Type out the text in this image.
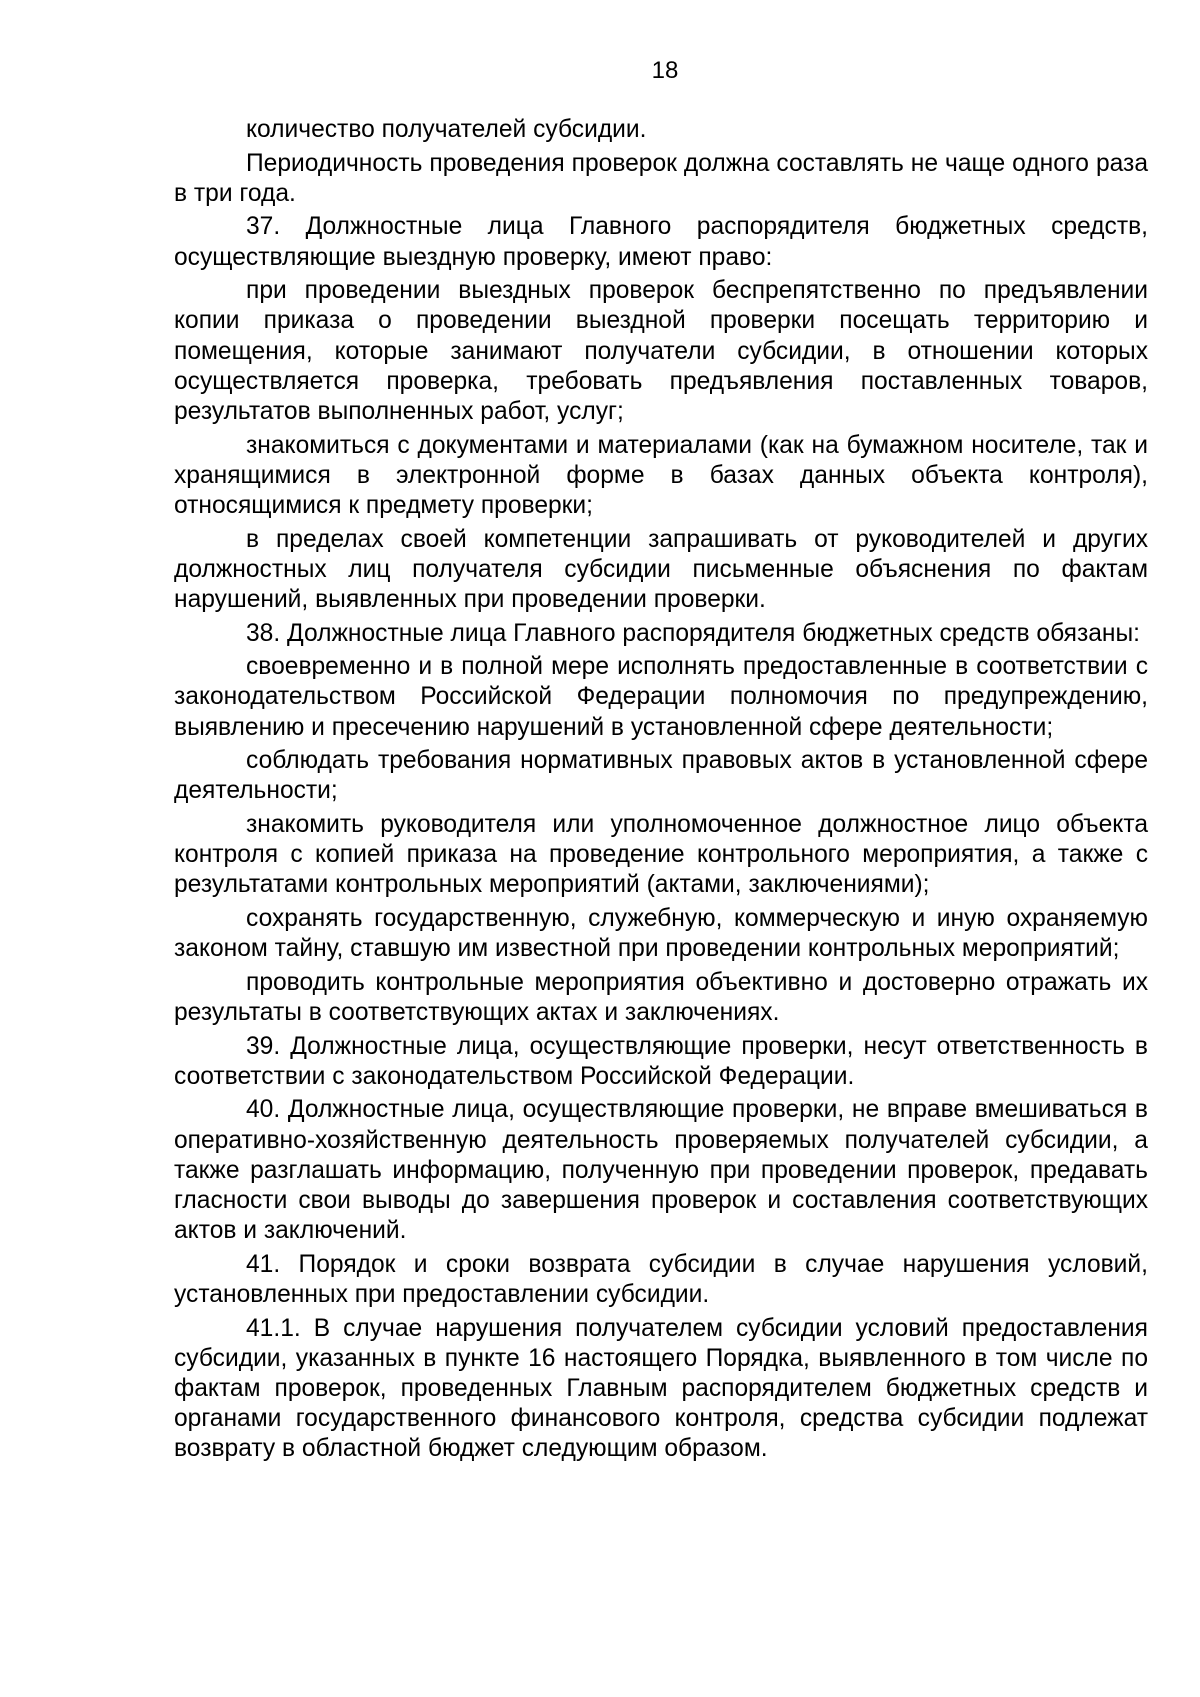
18

количество получателей субсидии.

Периодичность проведения проверок должна составлять не чаще одного раза в три года.

37. Должностные лица Главного распорядителя бюджетных средств, осуществляющие выездную проверку, имеют право:

при проведении выездных проверок беспрепятственно по предъявлении копии приказа о проведении выездной проверки посещать территорию и помещения, которые занимают получатели субсидии, в отношении которых осуществляется проверка, требовать предъявления поставленных товаров, результатов выполненных работ, услуг;

знакомиться с документами и материалами (как на бумажном носителе, так и хранящимися в электронной форме в базах данных объекта контроля), относящимися к предмету проверки;

в пределах своей компетенции запрашивать от руководителей и других должностных лиц получателя субсидии письменные объяснения по фактам нарушений, выявленных при проведении проверки.

38. Должностные лица Главного распорядителя бюджетных средств обязаны:

своевременно и в полной мере исполнять предоставленные в соответствии с законодательством Российской Федерации полномочия по предупреждению, выявлению и пресечению нарушений в установленной сфере деятельности;

соблюдать требования нормативных правовых актов в установленной сфере деятельности;

знакомить руководителя или уполномоченное должностное лицо объекта контроля с копией приказа на проведение контрольного мероприятия, а также с результатами контрольных мероприятий (актами, заключениями);

сохранять государственную, служебную, коммерческую и иную охраняемую законом тайну, ставшую им известной при проведении контрольных мероприятий;

проводить контрольные мероприятия объективно и достоверно отражать их результаты в соответствующих актах и заключениях.

39. Должностные лица, осуществляющие проверки, несут ответственность в соответствии с законодательством Российской Федерации.

40. Должностные лица, осуществляющие проверки, не вправе вмешиваться в оперативно-хозяйственную деятельность проверяемых получателей субсидии, а также разглашать информацию, полученную при проведении проверок, предавать гласности свои выводы до завершения проверок и составления соответствующих актов и заключений.

41. Порядок и сроки возврата субсидии в случае нарушения условий, установленных при предоставлении субсидии.

41.1. В случае нарушения получателем субсидии условий предоставления субсидии, указанных в пункте 16 настоящего Порядка, выявленного в том числе по фактам проверок, проведенных Главным распорядителем бюджетных средств и органами государственного финансового контроля, средства субсидии подлежат возврату в областной бюджет следующим образом.
